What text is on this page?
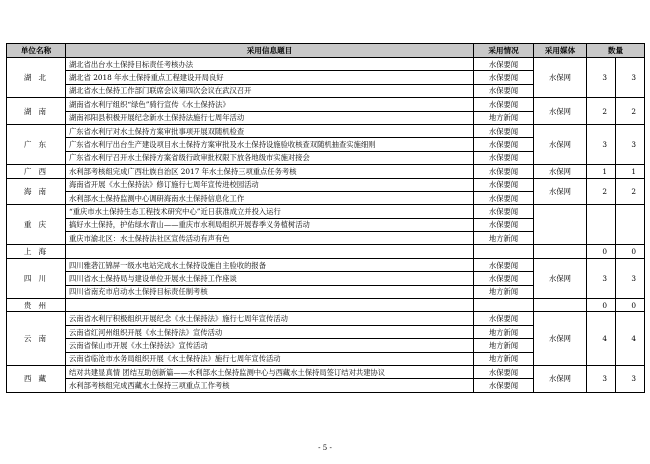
单位名称	采用信息题目	采用情况	采用媒体	数量	
湖北	湖北省出台水土保持目标责任考核办法	水保要闻	水保网	3	3
	湖北省 2018 年水土保持重点工程建设开局良好	水保要闻			
	湖北省水土保持工作部门联席会议第四次会议在武汉召开	水保要闻			
湖南	湖南省水利厅组织“绿色”骑行宣传《水土保持法》	水保要闻	水保网	2	2
	湖南祁阳县积极开展纪念新水土保持法施行七周年活动	地方新闻			
广东	广东省水利厅对水土保持方案审批事项开展双随机检查	水保要闻	水保网	3	3
	广东省水利厅出台生产建设项目水土保持方案审批及水土保持设施验收核查双随机抽查实施细则	水保要闻			
	广东省水利厅召开水土保持方案省级行政审批权限下放各地级市实施对接会	水保要闻			
广西	水利部考核组完成广西壮族自治区 2017 年水土保持三项重点任务考核	水保要闻	水保网	1	1
海南	海南省开展《水土保持法》修订施行七周年宣传进校园活动	水保要闻	水保网	2	2
	水利部水土保持监测中心调研海南水土保持信息化工作	水保要闻			
重庆	“重庆市水土保持生态工程技术研究中心”近日获准成立并投入运行	水保要闻			
	搞好水土保持，护佑绿水青山——重庆市水利局组织开展春季义务植树活动	水保要闻			
	重庆市渝北区：水土保持法社区宣传活动有声有色	地方新闻			
上海				0	0
四川	四川雅砻江锦屏一级水电站完成水土保持设施自主验收的报备	水保要闻	水保网	3	3
	四川省水土保持局与建设单位开展水土保持工作座谈	水保要闻			
	四川省南充市启动水土保持目标责任制考核	地方新闻			
贵州				0	0
云南	云南省水利厅积极组织开展纪念《水土保持法》施行七周年宣传活动	水保要闻	水保网	4	4
	云南省红河州组织开展《水土保持法》宣传活动	地方新闻			
	云南省保山市开展《水土保持法》宣传活动	地方新闻			
	云南省临沧市水务局组织开展《水土保持法》施行七周年宣传活动	地方新闻			
西藏	结对共建显真情 团结互助创新篇——水利部水土保持监测中心与西藏水土保持局签订结对共建协议	水保要闻	水保网	3	3
	水利部考核组完成西藏水土保持三项重点工作考核	水保要闻			
- 5 -
